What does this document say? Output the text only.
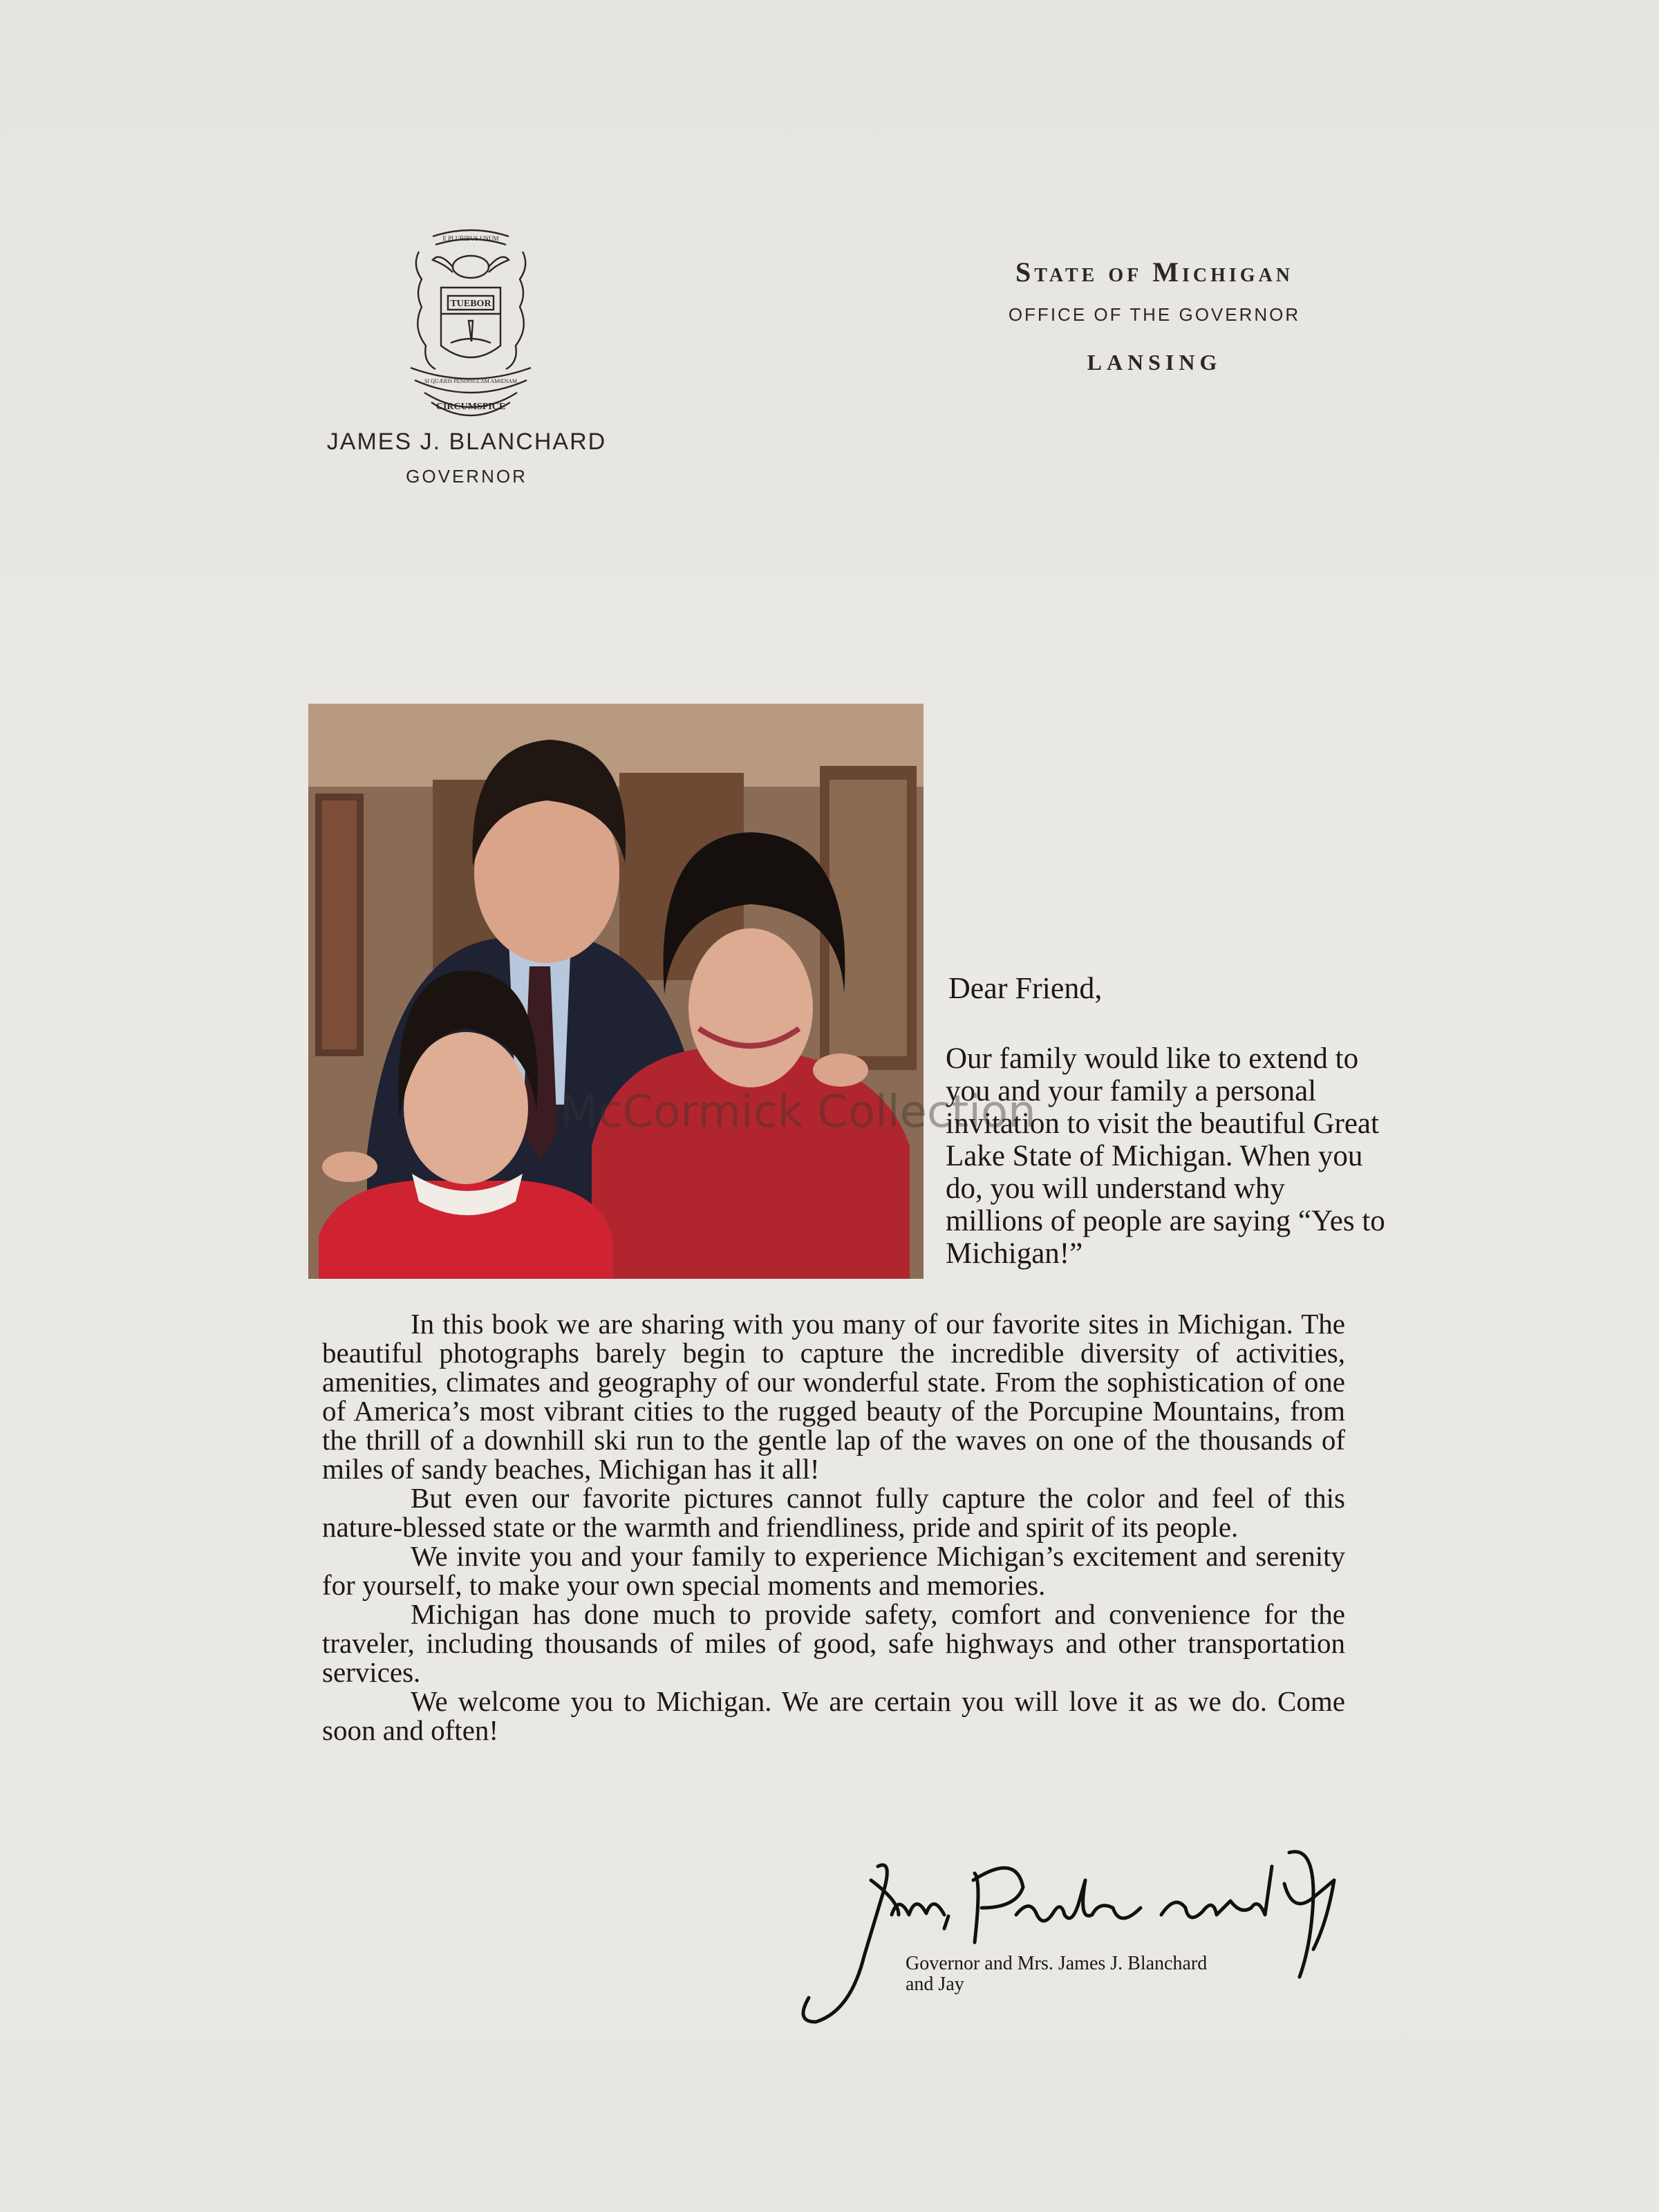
TUEBOR
E PLURIBUS UNUM
SI QUÆRIS PENINSULAM AMŒNAM
CIRCUMSPICE
JAMES J. BLANCHARD
GOVERNOR
State of Michigan
OFFICE OF THE GOVERNOR
LANSING
McCormick Collection
Dear Friend,

Our family would like to extend to you and your family a personal invitation to visit the beautiful Great Lake State of Michigan. When you do, you will understand why millions of people are saying “Yes to Michigan!”

In this book we are sharing with you many of our favorite sites in Michigan. The beautiful photographs barely begin to capture the incredible diversity of activities, amenities, climates and geography of our wonderful state. From the sophistication of one of America’s most vibrant cities to the rugged beauty of the Porcupine Mountains, from the thrill of a downhill ski run to the gentle lap of the waves on one of the thousands of miles of sandy beaches, Michigan has it all!

But even our favorite pictures cannot fully capture the color and feel of this nature-blessed state or the warmth and friendliness, pride and spirit of its people.

We invite you and your family to experience Michigan’s excitement and serenity for yourself, to make your own special moments and memories.

Michigan has done much to provide safety, comfort and convenience for the traveler, including thousands of miles of good, safe highways and other transportation services.

We welcome you to Michigan. We are certain you will love it as we do. Come soon and often!

Governor and Mrs. James J. Blanchard
and Jay
